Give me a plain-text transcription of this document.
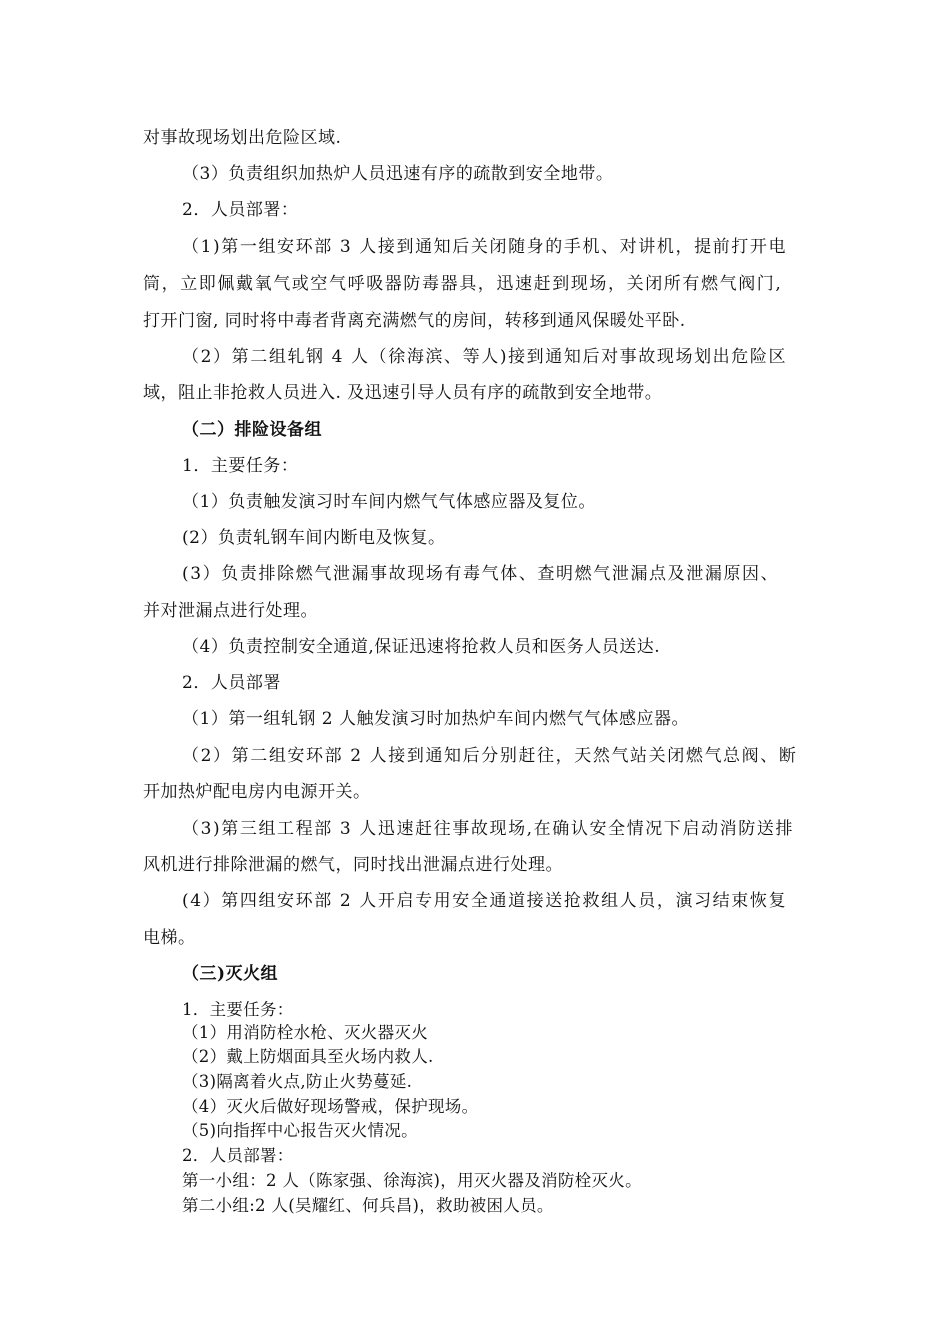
对事故现场划出危险区域.
（3）负责组织加热炉人员迅速有序的疏散到安全地带。
2．人员部署：
（1)第一组安环部 3 人接到通知后关闭随身的手机、对讲机，提前打开电
筒，立即佩戴氧气或空气呼吸器防毒器具，迅速赶到现场，关闭所有燃气阀门,
打开门窗, 同时将中毒者背离充满燃气的房间，转移到通风保暖处平卧.
（2）第二组轧钢 4 人（徐海滨、等人)接到通知后对事故现场划出危险区
域，阻止非抢救人员进入. 及迅速引导人员有序的疏散到安全地带。
（二）排险设备组
1．主要任务：
（1）负责触发演习时车间内燃气气体感应器及复位。
(2）负责轧钢车间内断电及恢复。
(3）负责排除燃气泄漏事故现场有毒气体、查明燃气泄漏点及泄漏原因、
并对泄漏点进行处理。
（4）负责控制安全通道,保证迅速将抢救人员和医务人员送达.
2．人员部署
（1）第一组轧钢 2 人触发演习时加热炉车间内燃气气体感应器。
（2）第二组安环部 2 人接到通知后分别赶往，天然气站关闭燃气总阀、断
开加热炉配电房内电源开关。
（3)第三组工程部 3 人迅速赶往事故现场,在确认安全情况下启动消防送排
风机进行排除泄漏的燃气，同时找出泄漏点进行处理。
(4）第四组安环部 2 人开启专用安全通道接送抢救组人员，演习结束恢复
电梯。
（三)灭火组
1．主要任务：
（1）用消防栓水枪、灭火器灭火
（2）戴上防烟面具至火场内救人.
（3)隔离着火点,防止火势蔓延.
（4）灭火后做好现场警戒，保护现场。
（5)向指挥中心报告灭火情况。
2．人员部署：
第一小组：2 人（陈家强、徐海滨)，用灭火器及消防栓灭火。
第二小组:2 人(吴耀红、何兵昌)，救助被困人员。
